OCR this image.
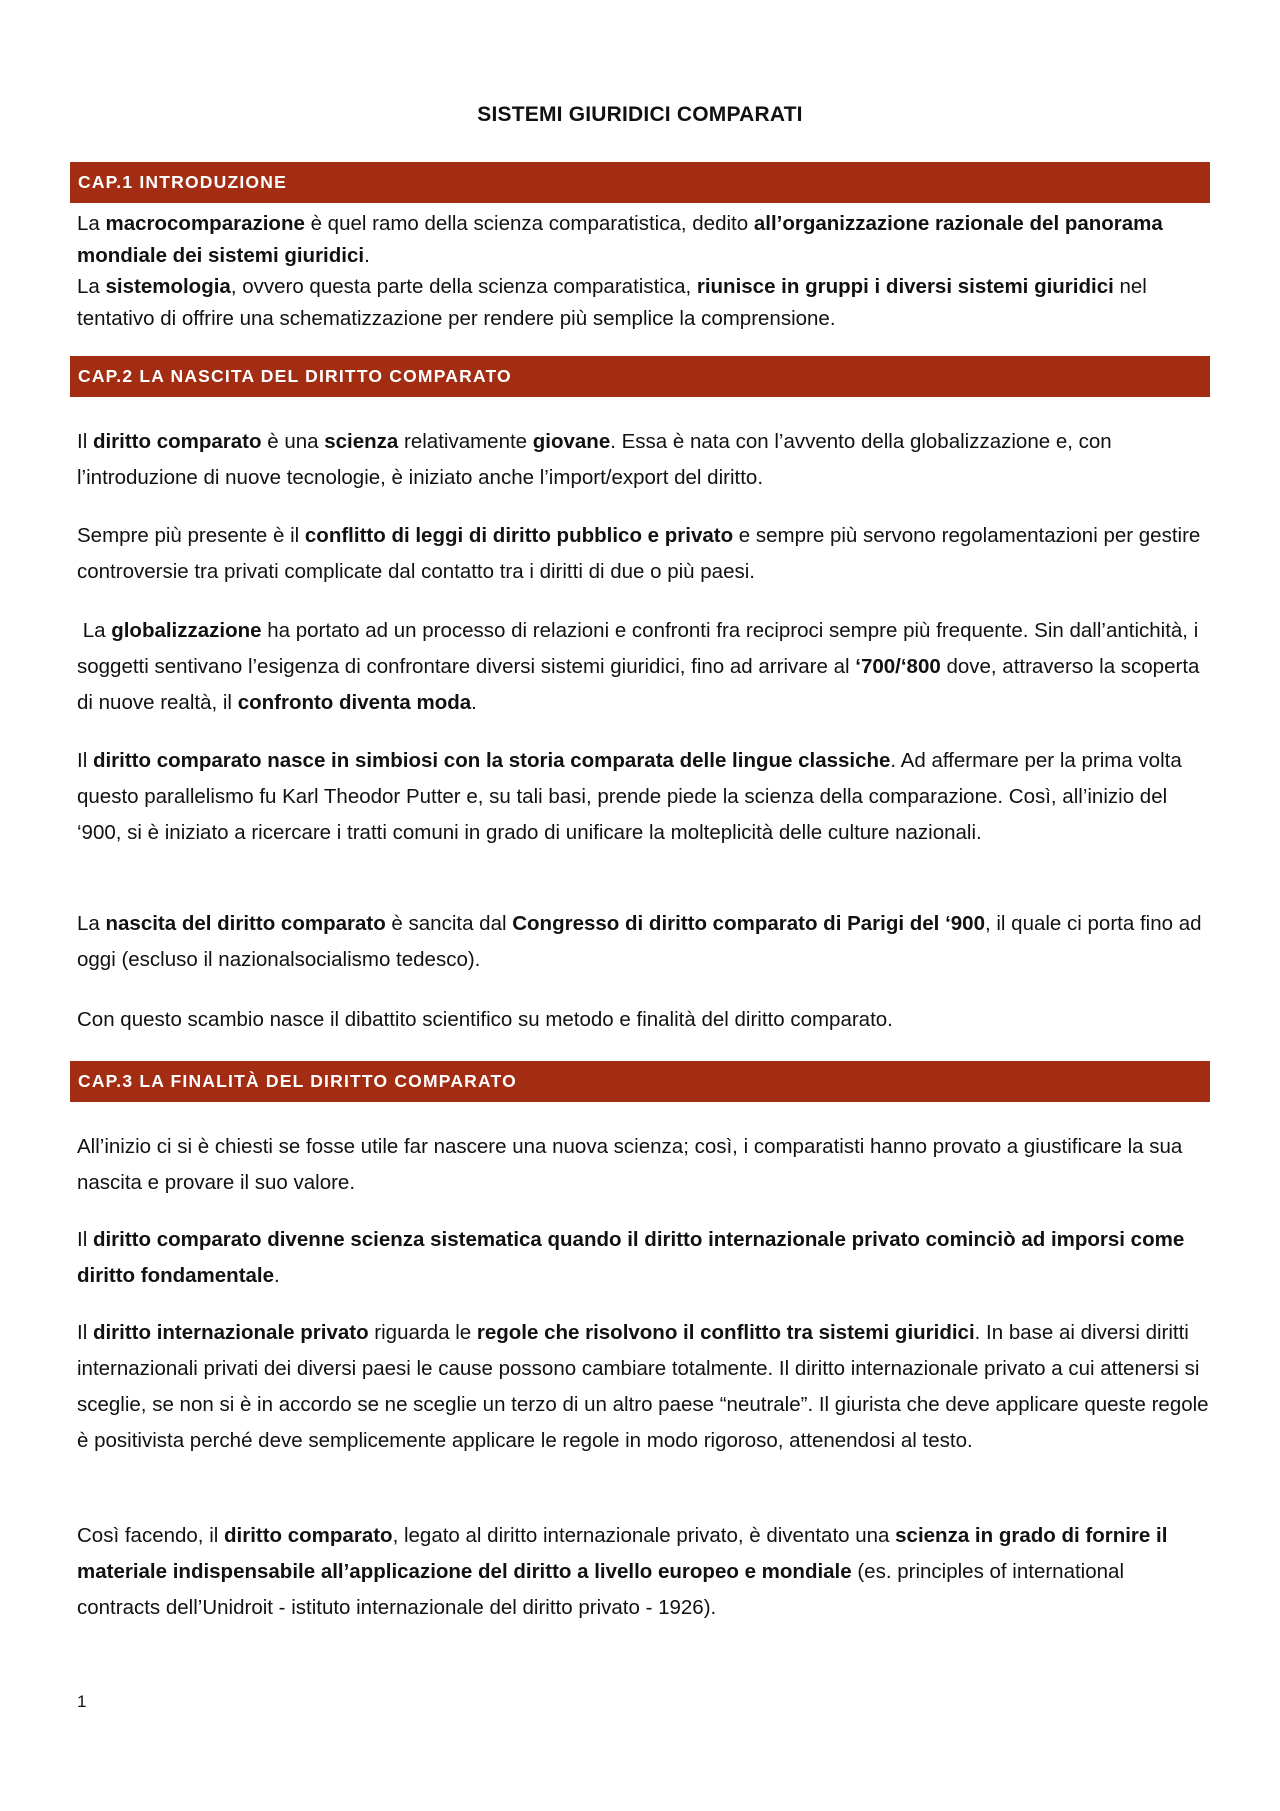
SISTEMI GIURIDICI COMPARATI
CAP.1 INTRODUZIONE

La macrocomparazione è quel ramo della scienza comparatistica, dedito all’organizzazione razionale del panorama mondiale dei sistemi giuridici.
La sistemologia, ovvero questa parte della scienza comparatistica, riunisce in gruppi i diversi sistemi giuridici nel tentativo di offrire una schematizzazione per rendere più semplice la comprensione.

CAP.2 LA NASCITA DEL DIRITTO COMPARATO

Il diritto comparato è una scienza relativamente giovane. Essa è nata con l’avvento della globalizzazione e, con l’introduzione di nuove tecnologie, è iniziato anche l’import/export del diritto.

Sempre più presente è il conflitto di leggi di diritto pubblico e privato e sempre più servono regolamentazioni per gestire controversie tra privati complicate dal contatto tra i diritti di due o più paesi.

La globalizzazione ha portato ad un processo di relazioni e confronti fra reciproci sempre più frequente. Sin dall’antichità, i soggetti sentivano l’esigenza di confrontare diversi sistemi giuridici, fino ad arrivare al ‘700/‘800 dove, attraverso la scoperta di nuove realtà, il confronto diventa moda.

Il diritto comparato nasce in simbiosi con la storia comparata delle lingue classiche. Ad affermare per la prima volta questo parallelismo fu Karl Theodor Putter e, su tali basi, prende piede la scienza della comparazione. Così, all’inizio del ‘900, si è iniziato a ricercare i tratti comuni in grado di unificare la molteplicità delle culture nazionali.

La nascita del diritto comparato è sancita dal Congresso di diritto comparato di Parigi del ‘900, il quale ci porta fino ad oggi (escluso il nazionalsocialismo tedesco).

Con questo scambio nasce il dibattito scientifico su metodo e finalità del diritto comparato.

CAP.3 LA FINALITÀ DEL DIRITTO COMPARATO

All’inizio ci si è chiesti se fosse utile far nascere una nuova scienza; così, i comparatisti hanno provato a giustificare la sua nascita e provare il suo valore.

Il diritto comparato divenne scienza sistematica quando il diritto internazionale privato cominciò ad imporsi come diritto fondamentale.

Il diritto internazionale privato riguarda le regole che risolvono il conflitto tra sistemi giuridici. In base ai diversi diritti internazionali privati dei diversi paesi le cause possono cambiare totalmente. Il diritto internazionale privato a cui attenersi si sceglie, se non si è in accordo se ne sceglie un terzo di un altro paese “neutrale”. Il giurista che deve applicare queste regole è positivista perché deve semplicemente applicare le regole in modo rigoroso, attenendosi al testo.

Così facendo, il diritto comparato, legato al diritto internazionale privato, è diventato una scienza in grado di fornire il materiale indispensabile all’applicazione del diritto a livello europeo e mondiale (es. principles of international contracts dell’Unidroit - istituto internazionale del diritto privato - 1926).

1
